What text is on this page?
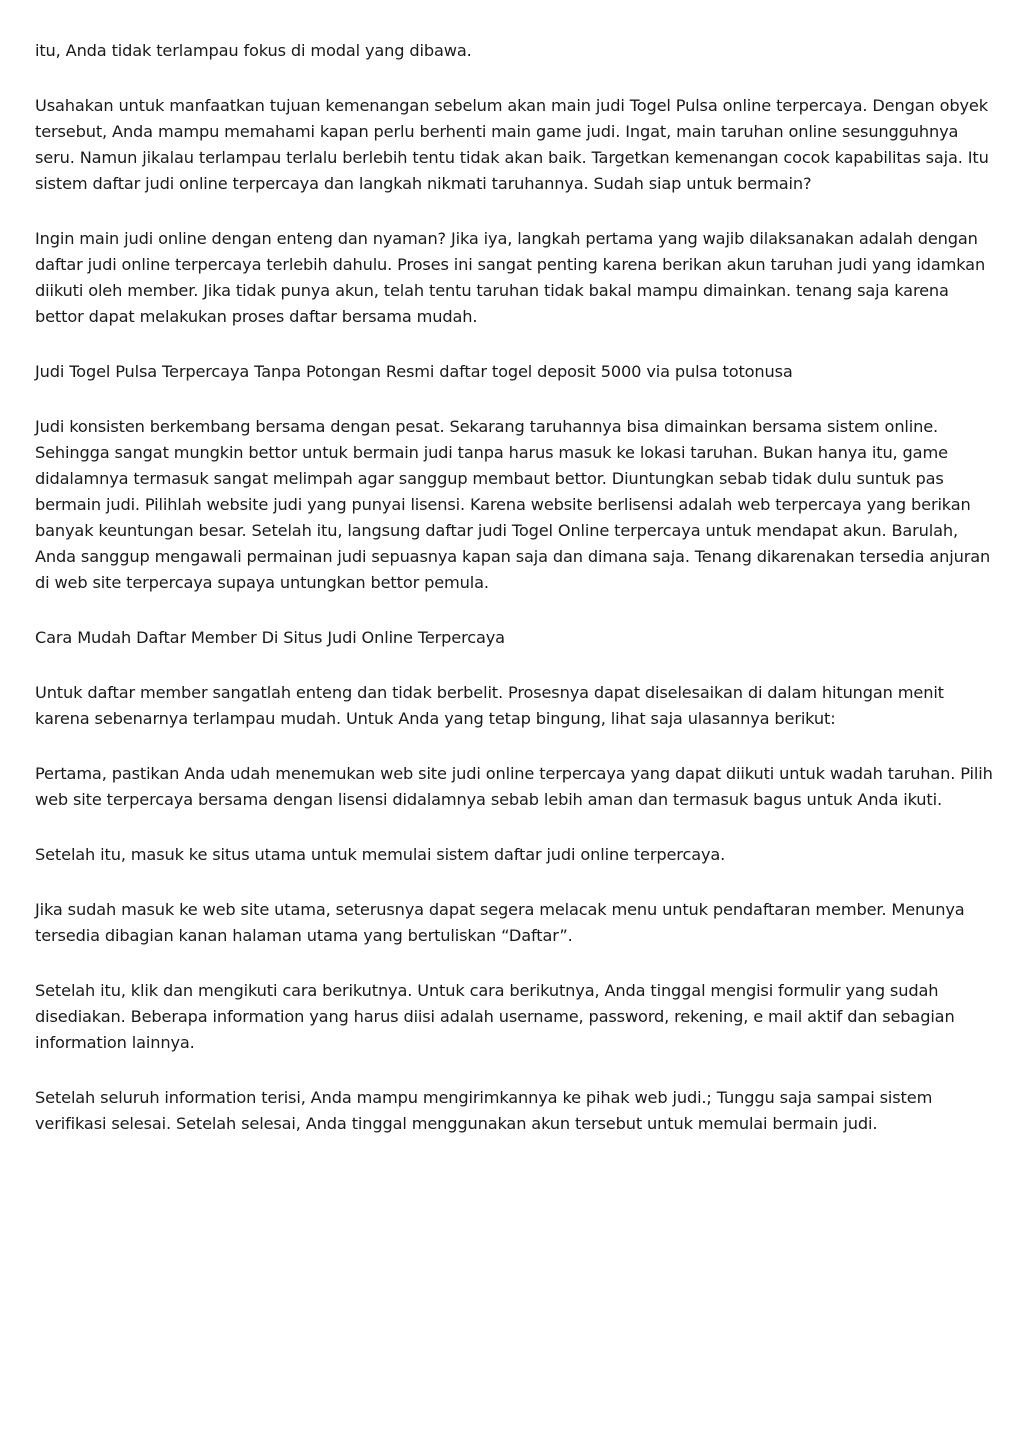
itu, Anda tidak terlampau fokus di modal yang dibawa.

Usahakan untuk manfaatkan tujuan kemenangan sebelum akan main judi Togel Pulsa online terpercaya. Dengan obyek tersebut, Anda mampu memahami kapan perlu berhenti main game judi. Ingat, main taruhan online sesungguhnya seru. Namun jikalau terlampau terlalu berlebih tentu tidak akan baik. Targetkan kemenangan cocok kapabilitas saja. Itu sistem daftar judi online terpercaya dan langkah nikmati taruhannya. Sudah siap untuk bermain?

Ingin main judi online dengan enteng dan nyaman? Jika iya, langkah pertama yang wajib dilaksanakan adalah dengan daftar judi online terpercaya terlebih dahulu. Proses ini sangat penting karena berikan akun taruhan judi yang idamkan diikuti oleh member. Jika tidak punya akun, telah tentu taruhan tidak bakal mampu dimainkan. tenang saja karena bettor dapat melakukan proses daftar bersama mudah.

Judi Togel Pulsa Terpercaya Tanpa Potongan Resmi daftar togel deposit 5000 via pulsa totonusa

Judi konsisten berkembang bersama dengan pesat. Sekarang taruhannya bisa dimainkan bersama sistem online. Sehingga sangat mungkin bettor untuk bermain judi tanpa harus masuk ke lokasi taruhan. Bukan hanya itu, game didalamnya termasuk sangat melimpah agar sanggup membaut bettor. Diuntungkan sebab tidak dulu suntuk pas bermain judi. Pilihlah website judi yang punyai lisensi. Karena website berlisensi adalah web terpercaya yang berikan banyak keuntungan besar. Setelah itu, langsung daftar judi Togel Online terpercaya untuk mendapat akun. Barulah, Anda sanggup mengawali permainan judi sepuasnya kapan saja dan dimana saja. Tenang dikarenakan tersedia anjuran di web site terpercaya supaya untungkan bettor pemula.

Cara Mudah Daftar Member Di Situs Judi Online Terpercaya

Untuk daftar member sangatlah enteng dan tidak berbelit. Prosesnya dapat diselesaikan di dalam hitungan menit karena sebenarnya terlampau mudah. Untuk Anda yang tetap bingung, lihat saja ulasannya berikut:

Pertama, pastikan Anda udah menemukan web site judi online terpercaya yang dapat diikuti untuk wadah taruhan. Pilih web site terpercaya bersama dengan lisensi didalamnya sebab lebih aman dan termasuk bagus untuk Anda ikuti.

Setelah itu, masuk ke situs utama untuk memulai sistem daftar judi online terpercaya.

Jika sudah masuk ke web site utama, seterusnya dapat segera melacak menu untuk pendaftaran member. Menunya tersedia dibagian kanan halaman utama yang bertuliskan “Daftar”.

Setelah itu, klik dan mengikuti cara berikutnya. Untuk cara berikutnya, Anda tinggal mengisi formulir yang sudah disediakan. Beberapa information yang harus diisi adalah username, password, rekening, e mail aktif dan sebagian information lainnya.

Setelah seluruh information terisi, Anda mampu mengirimkannya ke pihak web judi.; Tunggu saja sampai sistem verifikasi selesai. Setelah selesai, Anda tinggal menggunakan akun tersebut untuk memulai bermain judi.
